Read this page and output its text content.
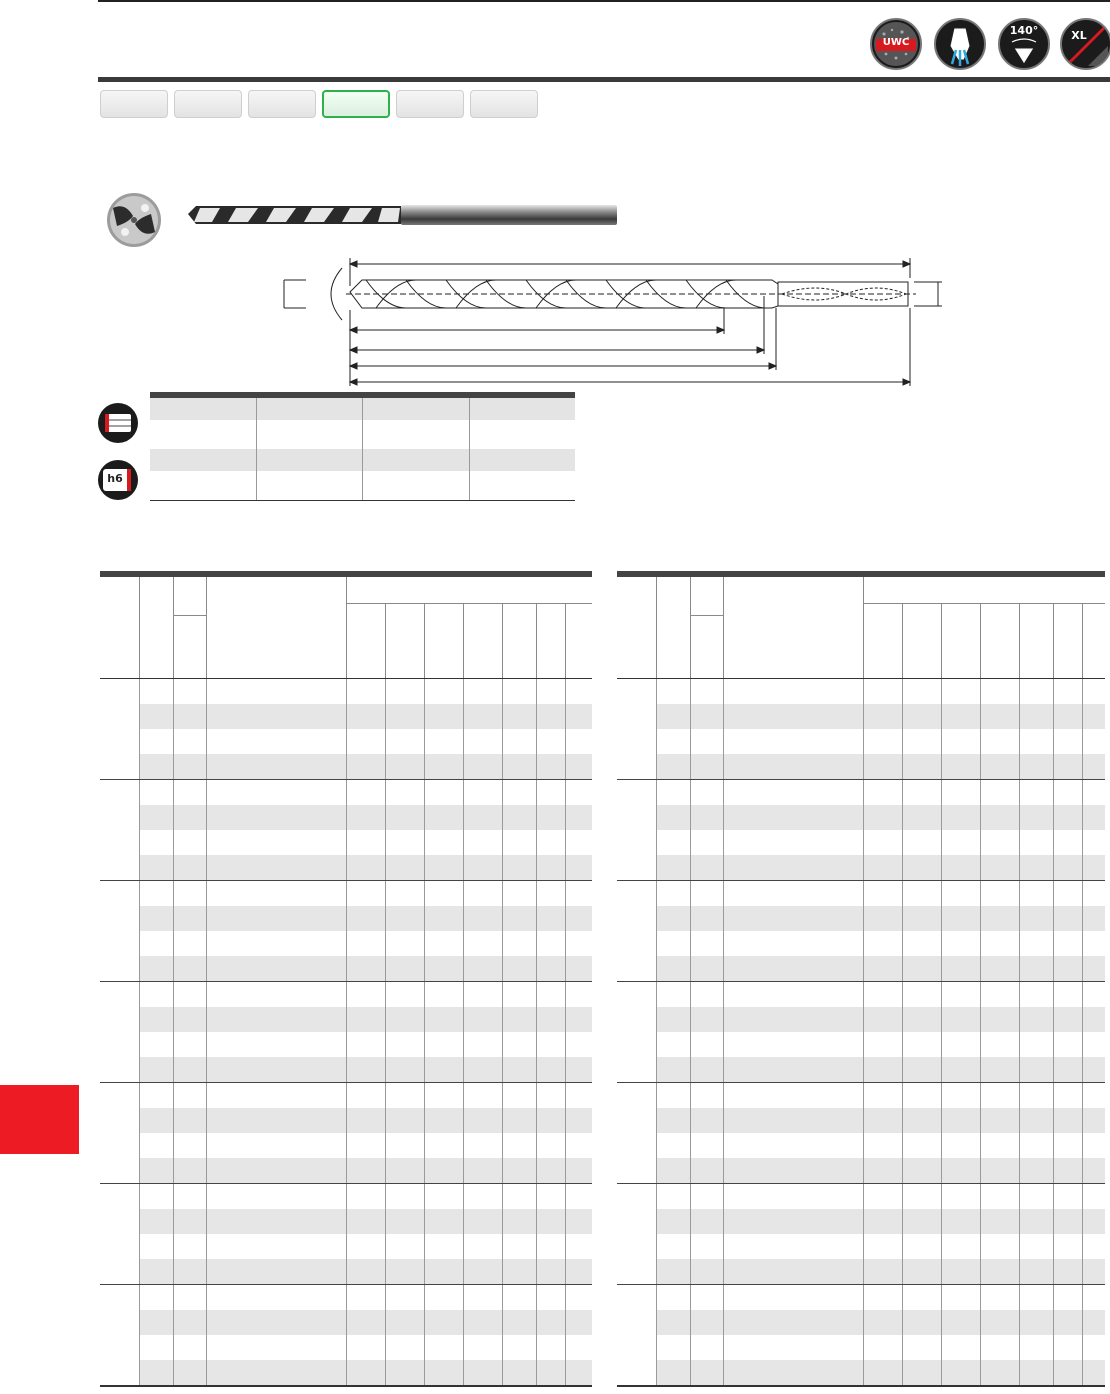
UWC
140°	XL
h6
